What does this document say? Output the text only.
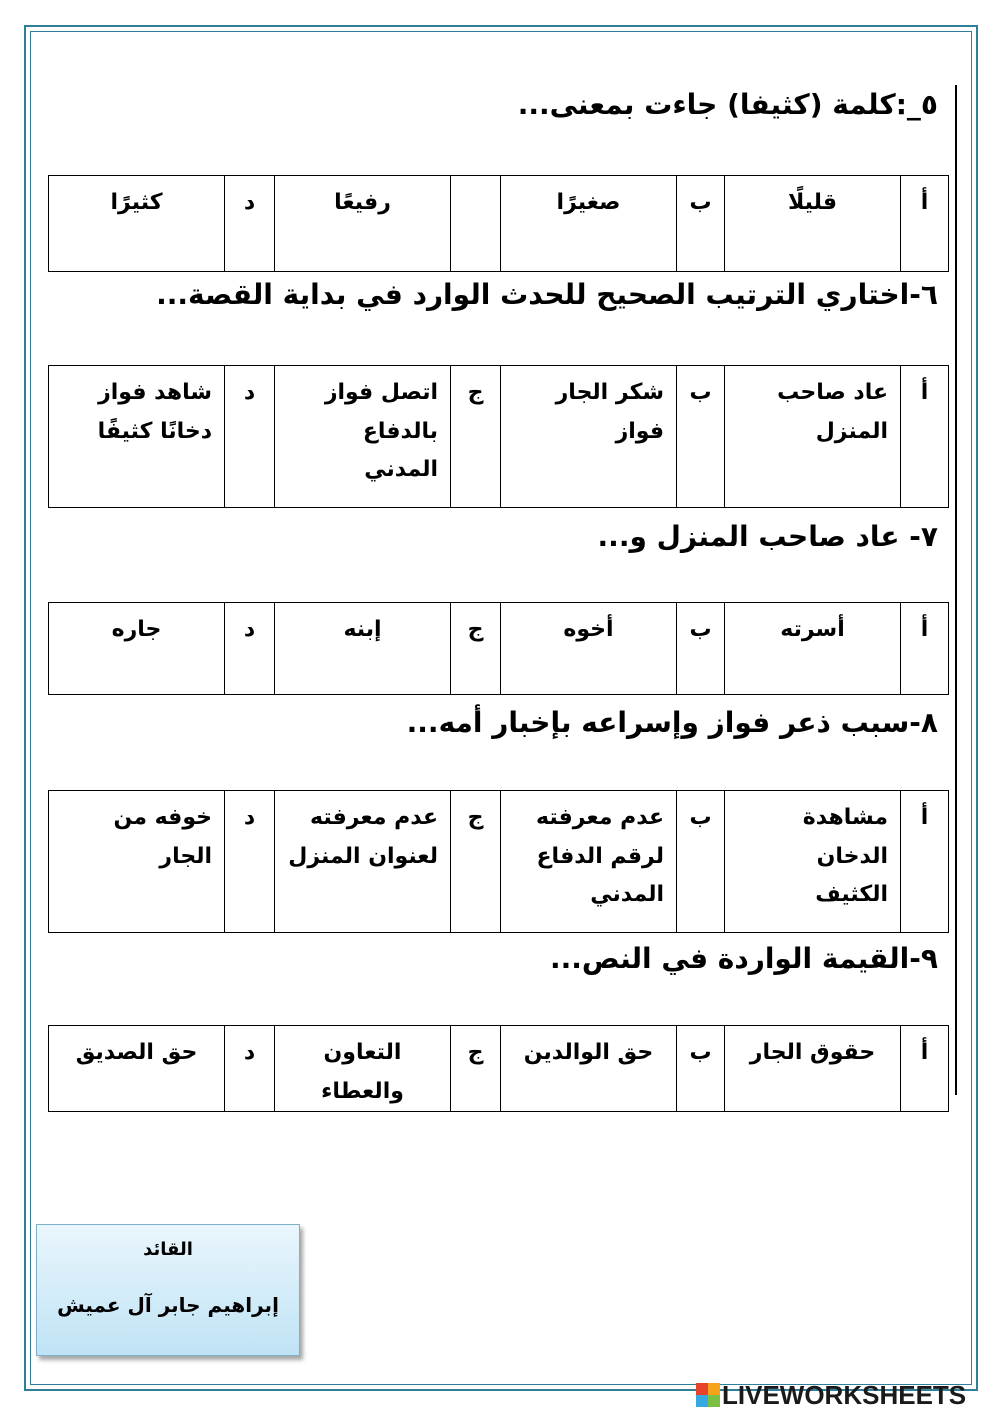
٥_:كلمة (كثيفا) جاءت بمعنى...
أ	قليلًا	ب	صغيرًا		رفيعًا	د	كثيرًا
٦-اختاري الترتيب الصحيح للحدث الوارد في بداية القصة...
أ	عاد صاحب المنزل	ب	شكر الجار فواز	ج	اتصل فواز بالدفاع المدني	د	شاهد فواز دخانًا كثيفًا
٧- عاد صاحب المنزل و...
أ	أسرته	ب	أخوه	ج	إبنه	د	جاره
٨-سبب ذعر فواز وإسراعه بإخبار أمه...
أ	مشاهدة الدخان الكثيف	ب	عدم معرفته لرقم الدفاع المدني	ج	عدم معرفته لعنوان المنزل	د	خوفه من الجار
٩-القيمة الواردة في النص...
أ	حقوق الجار	ب	حق الوالدين	ج	التعاون والعطاء	د	حق الصديق
القائد
إبراهيم جابر آل عميش
LIVEWORKSHEETS
